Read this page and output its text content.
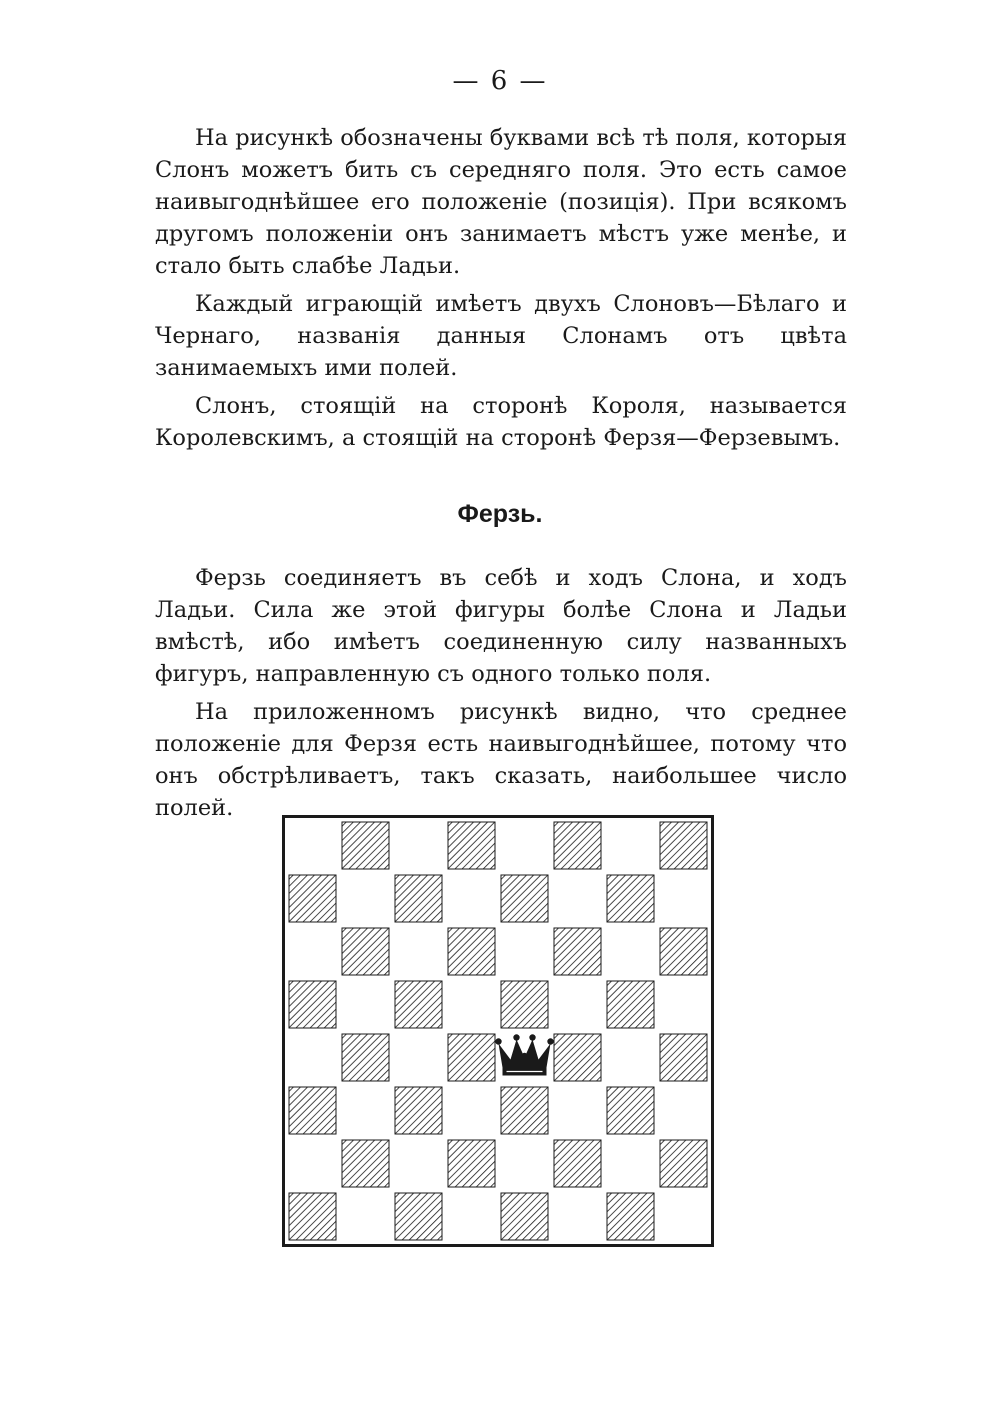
— 6 —

На рисункѣ обозначены буквами всѣ тѣ поля, которыя Слонъ можетъ бить съ середняго поля. Это есть самое наивыгоднѣйшее его положеніе (позиція). При всякомъ другомъ положеніи онъ занимаетъ мѣстъ уже менѣе, и стало быть слабѣе Ладьи.

Каждый играющій имѣетъ двухъ Слоновъ—Бѣлаго и Чернаго, названія данныя Слонамъ отъ цвѣта занимаемыхъ ими полей.

Слонъ, стоящій на сторонѣ Короля, называется Королевскимъ, а стоящій на сторонѣ Ферзя—Ферзевымъ.

Ферзь.

Ферзь соединяетъ въ себѣ и ходъ Слона, и ходъ Ладьи. Сила же этой фигуры болѣе Слона и Ладьи вмѣстѣ, ибо имѣетъ соединенную силу названныхъ фигуръ, направленную съ одного только поля.

На приложенномъ рисункѣ видно, что среднее положеніе для Ферзя есть наивыгоднѣйшее, потому что онъ обстрѣливаетъ, такъ сказать, наибольшее число полей.
